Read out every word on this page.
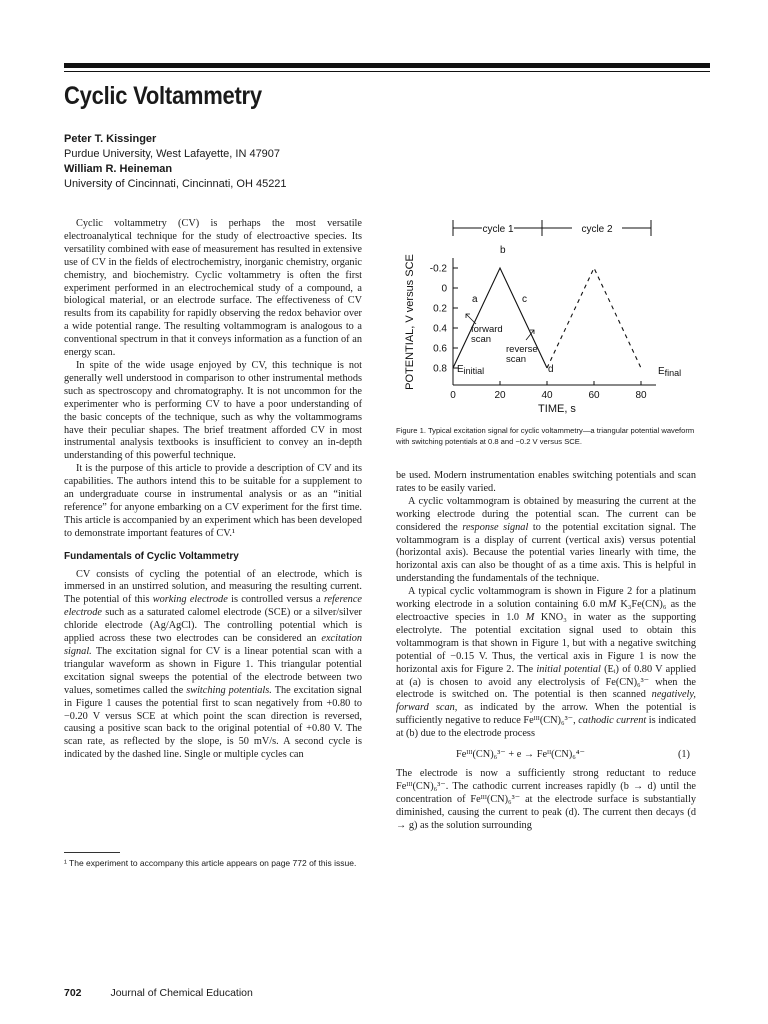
Cyclic Voltammetry
Peter T. Kissinger
Purdue University, West Lafayette, IN 47907
William R. Heineman
University of Cincinnati, Cincinnati, OH 45221

Cyclic voltammetry (CV) is perhaps the most versatile electroanalytical technique for the study of electroactive species. Its versatility combined with ease of measurement has resulted in extensive use of CV in the fields of electrochemistry, inorganic chemistry, organic chemistry, and biochemistry. Cyclic voltammetry is often the first experiment performed in an electrochemical study of a compound, a biological material, or an electrode surface. The effectiveness of CV results from its capability for rapidly observing the redox behavior over a wide potential range. The resulting voltammogram is analogous to a conventional spectrum in that it conveys information as a function of an energy scan.

In spite of the wide usage enjoyed by CV, this technique is not generally well understood in comparison to other instrumental methods such as spectroscopy and chromatography. It is not uncommon for the experimenter who is performing CV to have a poor understanding of the basic concepts of the technique, such as why the voltammograms have their peculiar shapes. The brief treatment afforded CV in most instrumental analysis textbooks is insufficient to convey an in-depth understanding of this powerful technique.

It is the purpose of this article to provide a description of CV and its capabilities. The authors intend this to be suitable for a supplement to an undergraduate course in instrumental analysis or as an “initial reference” for anyone embarking on a CV experiment for the first time. This article is accompanied by an experiment which has been developed to demonstrate important features of CV.¹

Fundamentals of Cyclic Voltammetry

CV consists of cycling the potential of an electrode, which is immersed in an unstirred solution, and measuring the resulting current. The potential of this working electrode is controlled versus a reference electrode such as a saturated calomel electrode (SCE) or a silver/silver chloride electrode (Ag/AgCl). The controlling potential which is applied across these two electrodes can be considered an excitation signal. The excitation signal for CV is a linear potential scan with a triangular waveform as shown in Figure 1. This triangular potential excitation signal sweeps the potential of the electrode between two values, sometimes called the switching potentials. The excitation signal in Figure 1 causes the potential first to scan negatively from +0.80 to −0.20 V versus SCE at which point the scan direction is reversed, causing a positive scan back to the original potential of +0.80 V. The scan rate, as reflected by the slope, is 50 mV/s. A second cycle is indicated by the dashed line. Single or multiple cycles can

¹ The experiment to accompany this article appears on page 772 of this issue.
cycle 1	cycle 2
-0.2
0
0.2
0.4
0.6
0.8
0	20	40	60	80
POTENTIAL, V versus SCE
TIME, s
b
a	c
d
forward
scan
reverse
scan
Einitial	Efinal
Figure 1. Typical excitation signal for cyclic voltammetry—a triangular potential waveform with switching potentials at 0.8 and −0.2 V versus SCE.

be used. Modern instrumentation enables switching potentials and scan rates to be easily varied.

A cyclic voltammogram is obtained by measuring the current at the working electrode during the potential scan. The current can be considered the response signal to the potential excitation signal. The voltammogram is a display of current (vertical axis) versus potential (horizontal axis). Because the potential varies linearly with time, the horizontal axis can also be thought of as a time axis. This is helpful in understanding the fundamentals of the technique.

A typical cyclic voltammogram is shown in Figure 2 for a platinum working electrode in a solution containing 6.0 mM K₃Fe(CN)₆ as the electroactive species in 1.0 M KNO₃ in water as the supporting electrolyte. The potential excitation signal used to obtain this voltammogram is that shown in Figure 1, but with a negative switching potential of −0.15 V. Thus, the vertical axis in Figure 1 is now the horizontal axis for Figure 2. The initial potential (Eᵢ) of 0.80 V applied at (a) is chosen to avoid any electrolysis of Fe(CN)₆³⁻ when the electrode is switched on. The potential is then scanned negatively, forward scan, as indicated by the arrow. When the potential is sufficiently negative to reduce Feᴵᴵᴵ(CN)₆³⁻, cathodic current is indicated at (b) due to the electrode process

Feᴵᴵᴵ(CN)₆³⁻ + e → Feᴵᴵ(CN)₆⁴⁻	(1)

The electrode is now a sufficiently strong reductant to reduce Feᴵᴵᴵ(CN)₆³⁻. The cathodic current increases rapidly (b → d) until the concentration of Feᴵᴵᴵ(CN)₆³⁻ at the electrode surface is substantially diminished, causing the current to peak (d). The current then decays (d → g) as the solution surrounding

702	Journal of Chemical Education
